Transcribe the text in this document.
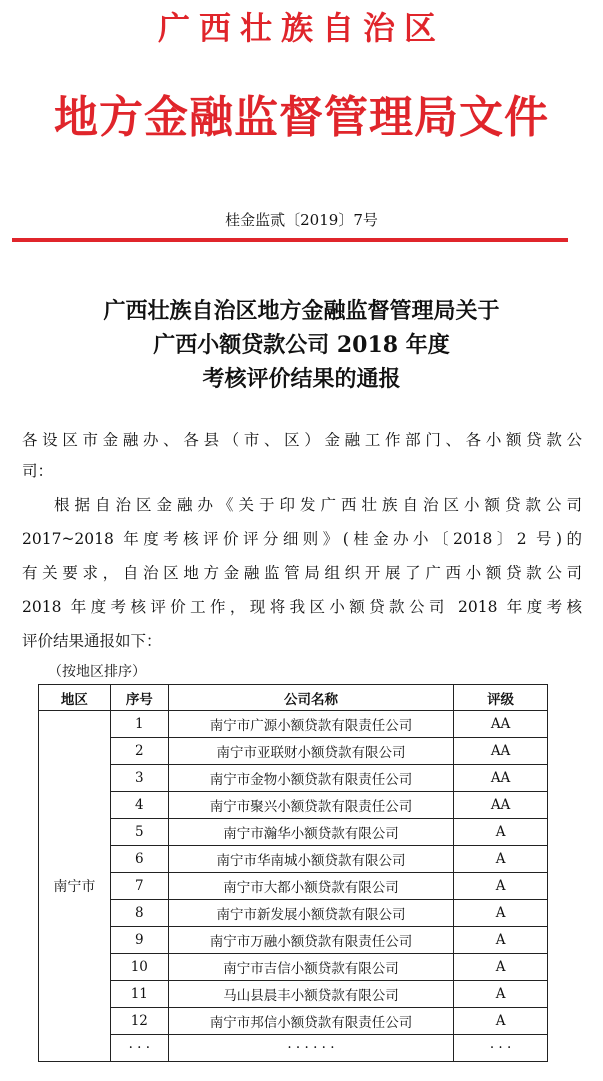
广西壮族自治区
地方金融监督管理局文件
桂金监贰〔2019〕7号
广西壮族自治区地方金融监督管理局关于
广西小额贷款公司 2018 年度
考核评价结果的通报
各设区市金融办、各县（市、区）金融工作部门、各小额贷款公
司：
根据自治区金融办《关于印发广西壮族自治区小额贷款公司
2017~2018 年度考核评价评分细则》(桂金办小〔2018〕2 号)的
有关要求，自治区地方金融监管局组织开展了广西小额贷款公司
2018 年度考核评价工作，现将我区小额贷款公司 2018 年度考核
评价结果通报如下：
（按地区排序）
地区	序号	公司名称	评级
南宁市	1	南宁市广源小额贷款有限责任公司	AA
	2	南宁市亚联财小额贷款有限公司	AA
	3	南宁市金物小额贷款有限责任公司	AA
	4	南宁市聚兴小额贷款有限责任公司	AA
	5	南宁市瀚华小额贷款有限公司	A
	6	南宁市华南城小额贷款有限公司	A
	7	南宁市大都小额贷款有限公司	A
	8	南宁市新发展小额贷款有限公司	A
	9	南宁市万融小额贷款有限责任公司	A
	10	南宁市吉信小额贷款有限公司	A
	11	马山县晨丰小额贷款有限公司	A
	12	南宁市邦信小额贷款有限责任公司	A
	· · ·	· · · · · ·	· · ·
